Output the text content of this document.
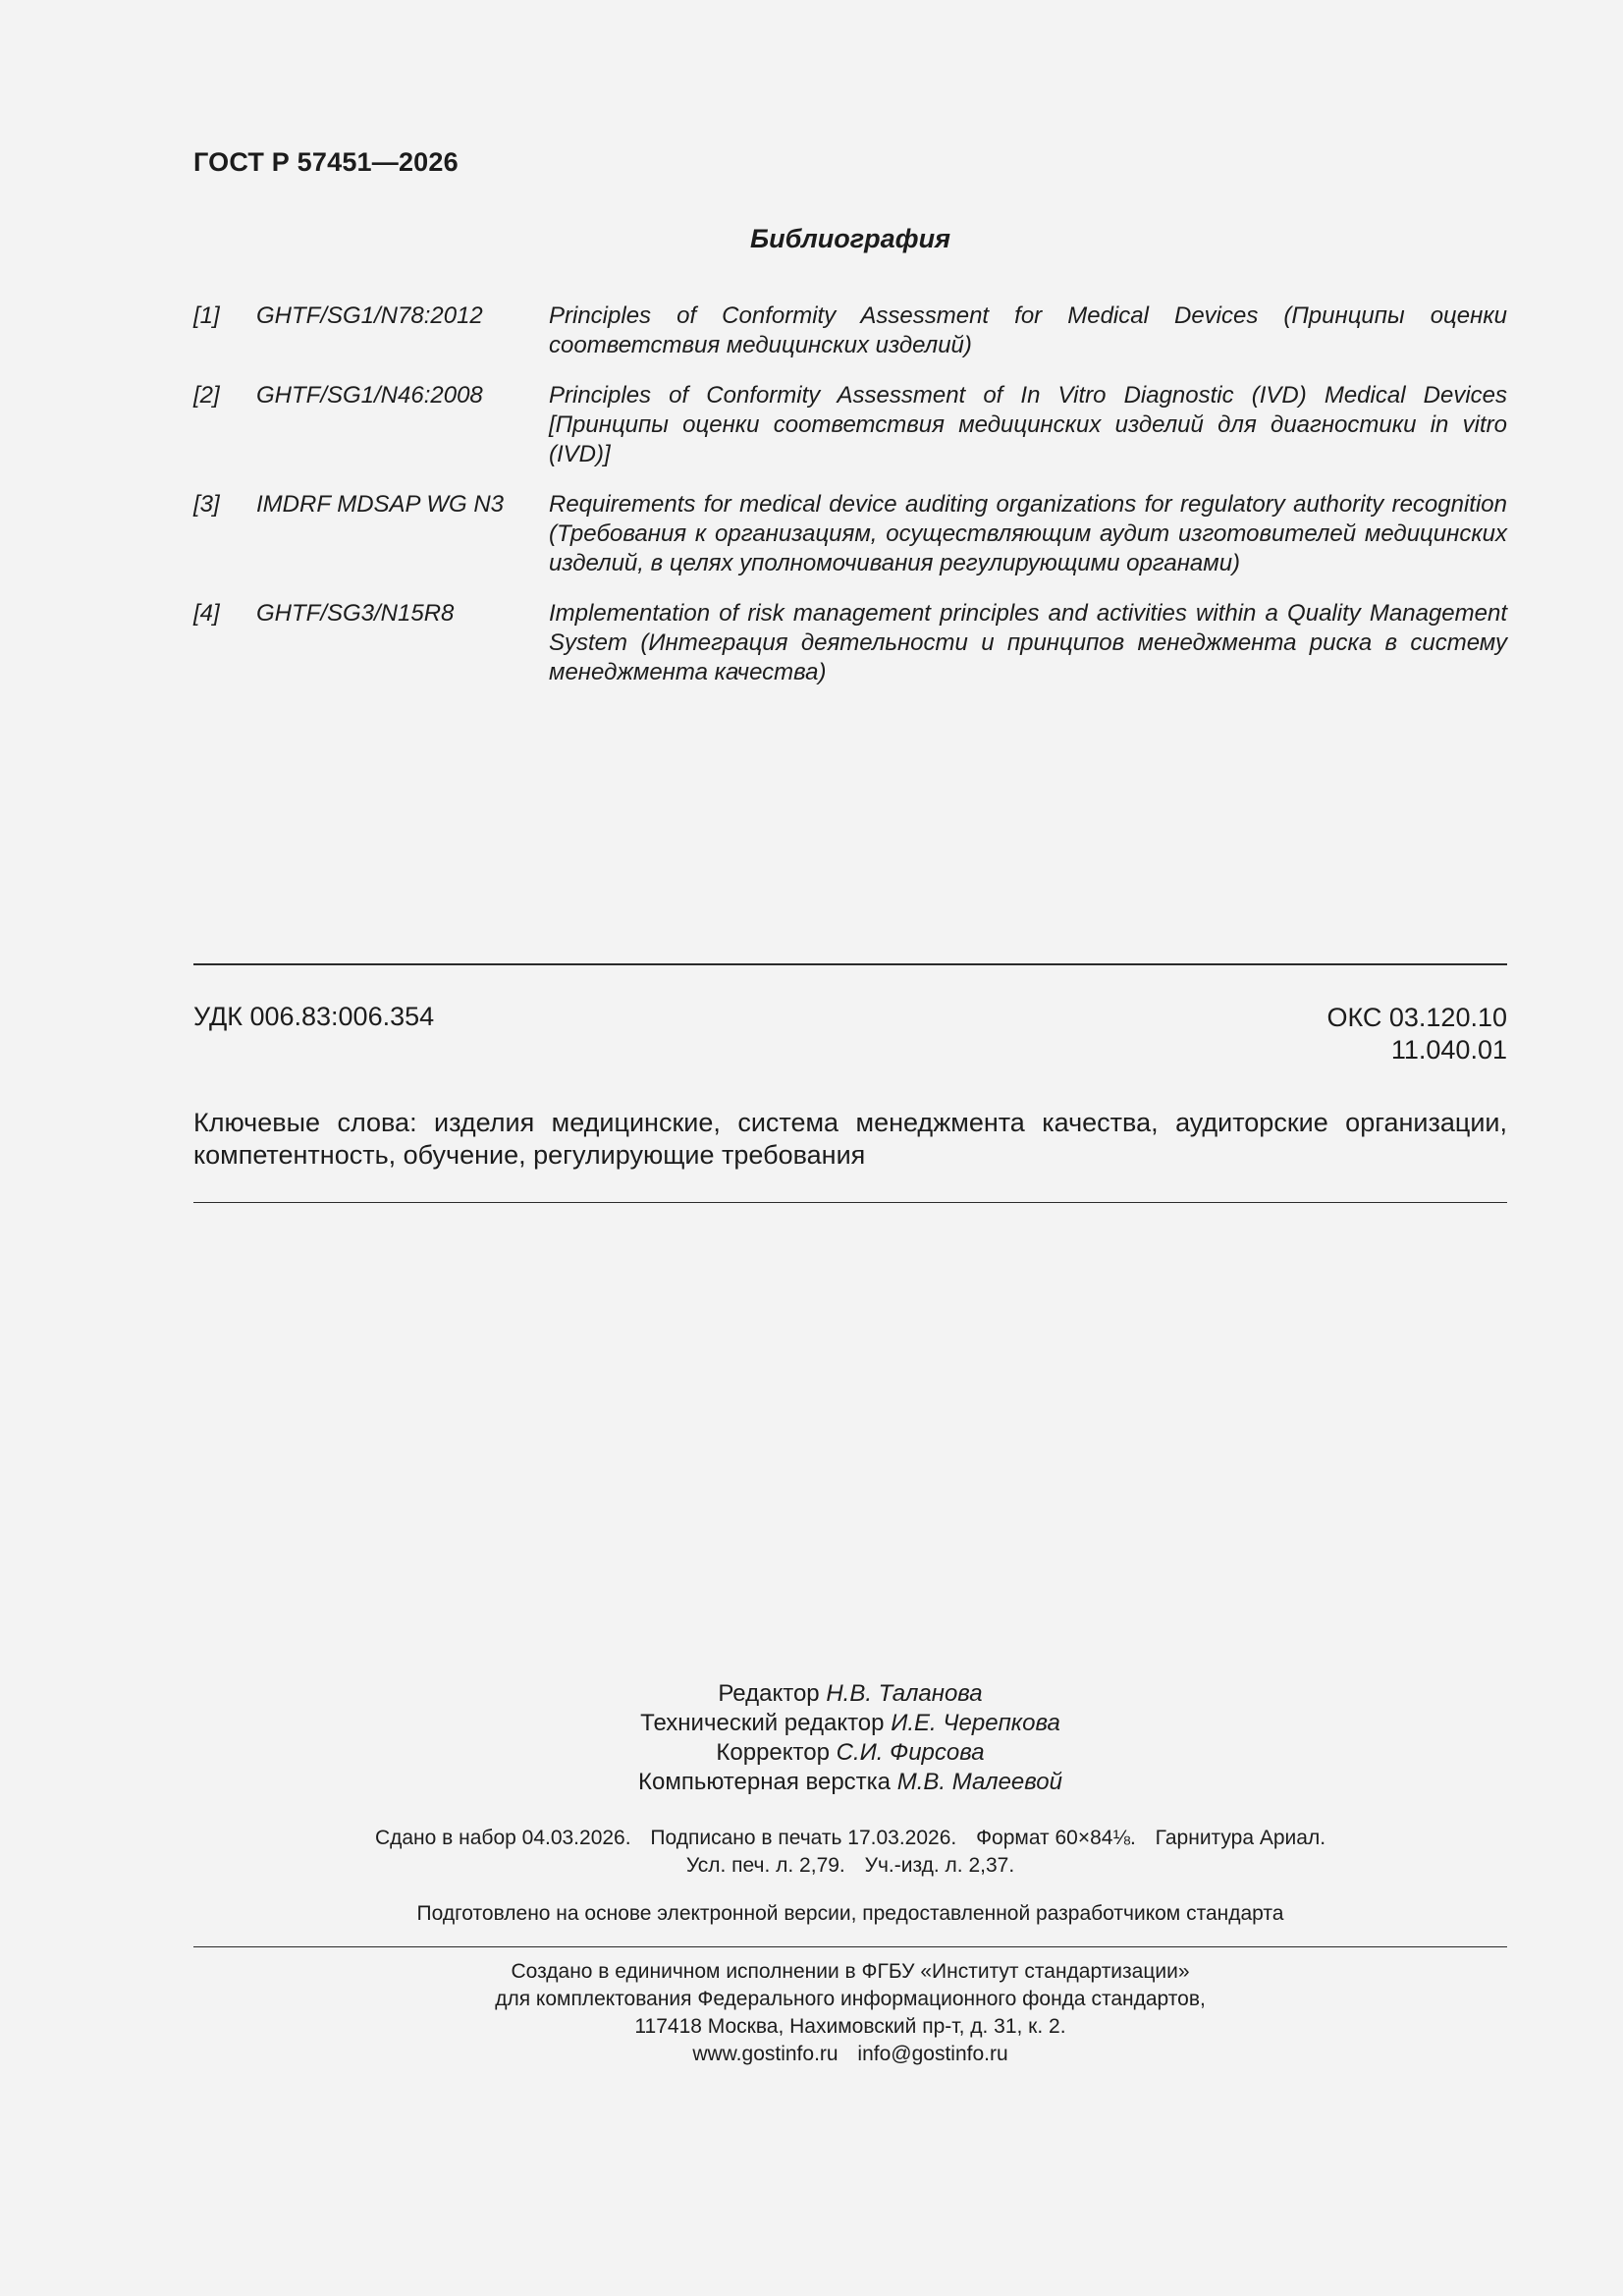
ГОСТ Р 57451—2026
Библиография
[1]	GHTF/SG1/N78:2012	Principles of Conformity Assessment for Medical Devices (Принципы оценки соответствия медицинских изделий)
[2]	GHTF/SG1/N46:2008	Principles of Conformity Assessment of In Vitro Diagnostic (IVD) Medical Devices [Принципы оценки соответствия медицинских изделий для диагностики in vitro (IVD)]
[3]	IMDRF MDSAP WG N3	Requirements for medical device auditing organizations for regulatory authority recognition (Требования к организациям, осуществляющим аудит изготовителей медицинских изделий, в целях уполномочивания регулирующими органами)
[4]	GHTF/SG3/N15R8	Implementation of risk management principles and activities within a Quality Management System (Интеграция деятельности и принципов менеджмента риска в систему менеджмента качества)
УДК 006.83:006.354	ОКС 03.120.10
11.040.01
Ключевые слова: изделия медицинские, система менеджмента качества, аудиторские организации, компетентность, обучение, регулирующие требования
Редактор Н.В. Таланова
Технический редактор И.Е. Черепкова
Корректор С.И. Фирсова
Компьютерная верстка М.В. Малеевой
Сдано в набор 04.03.2026. Подписано в печать 17.03.2026. Формат 60×84⅛. Гарнитура Ариал.
Усл. печ. л. 2,79. Уч.-изд. л. 2,37.
Подготовлено на основе электронной версии, предоставленной разработчиком стандарта
Создано в единичном исполнении в ФГБУ «Институт стандартизации»
для комплектования Федерального информационного фонда стандартов,
117418 Москва, Нахимовский пр-т, д. 31, к. 2.
www.gostinfo.ru info@gostinfo.ru
